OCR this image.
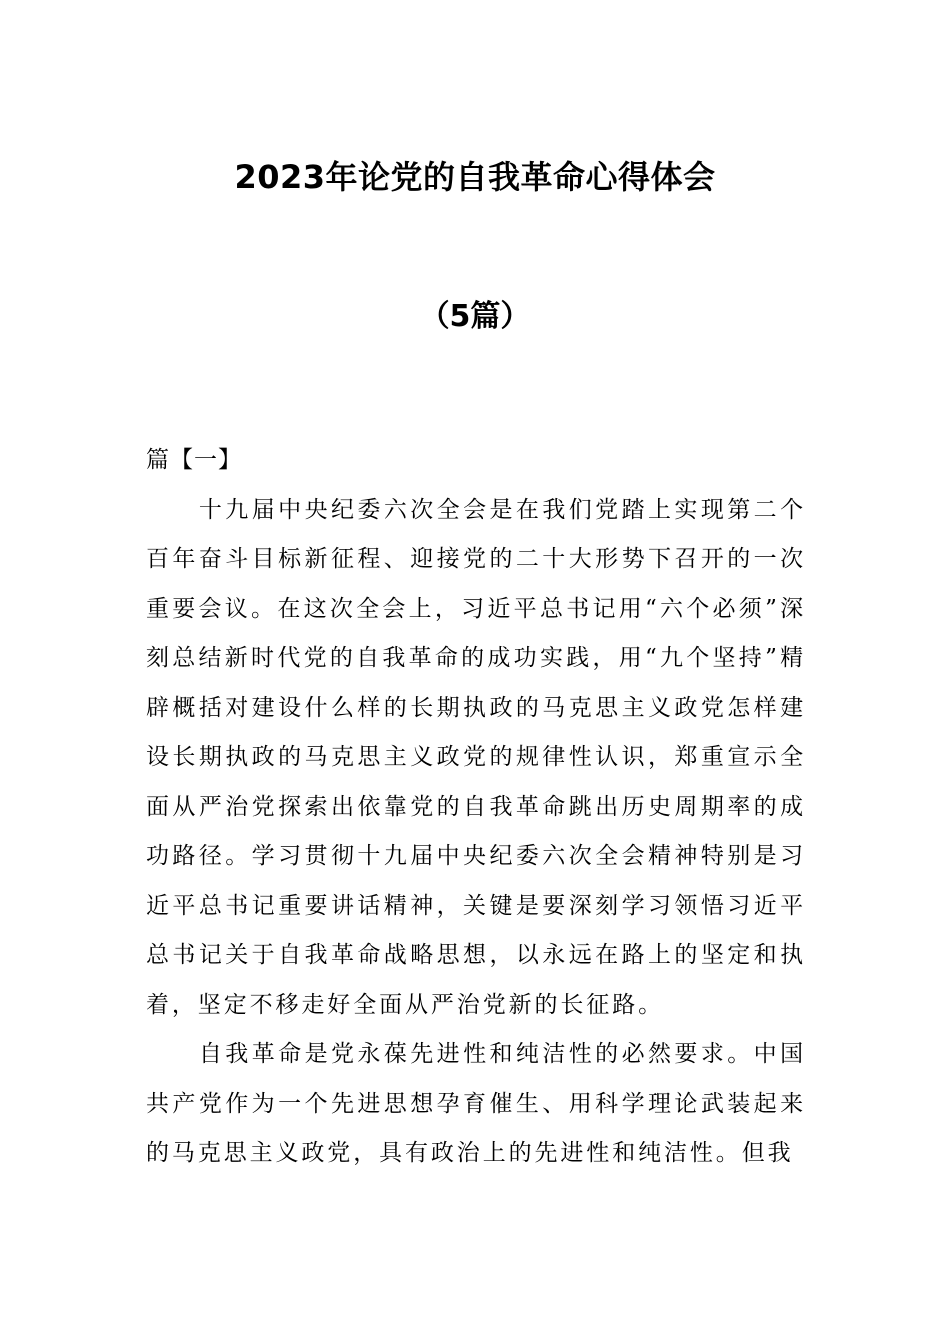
2023年论党的自我革命心得体会
（5篇）
篇【一】

十九届中央纪委六次全会是在我们党踏上实现第二个百年奋斗目标新征程、迎接党的二十大形势下召开的一次重要会议。在这次全会上，习近平总书记用“六个必须”深刻总结新时代党的自我革命的成功实践，用“九个坚持”精辟概括对建设什么样的长期执政的马克思主义政党怎样建设长期执政的马克思主义政党的规律性认识，郑重宣示全面从严治党探索出依靠党的自我革命跳出历史周期率的成功路径。学习贯彻十九届中央纪委六次全会精神特别是习近平总书记重要讲话精神，关键是要深刻学习领悟习近平总书记关于自我革命战略思想，以永远在路上的坚定和执着，坚定不移走好全面从严治党新的长征路。

自我革命是党永葆先进性和纯洁性的必然要求。中国共产党作为一个先进思想孕育催生、用科学理论武装起来的马克思主义政党，具有政治上的先进性和纯洁性。但我
